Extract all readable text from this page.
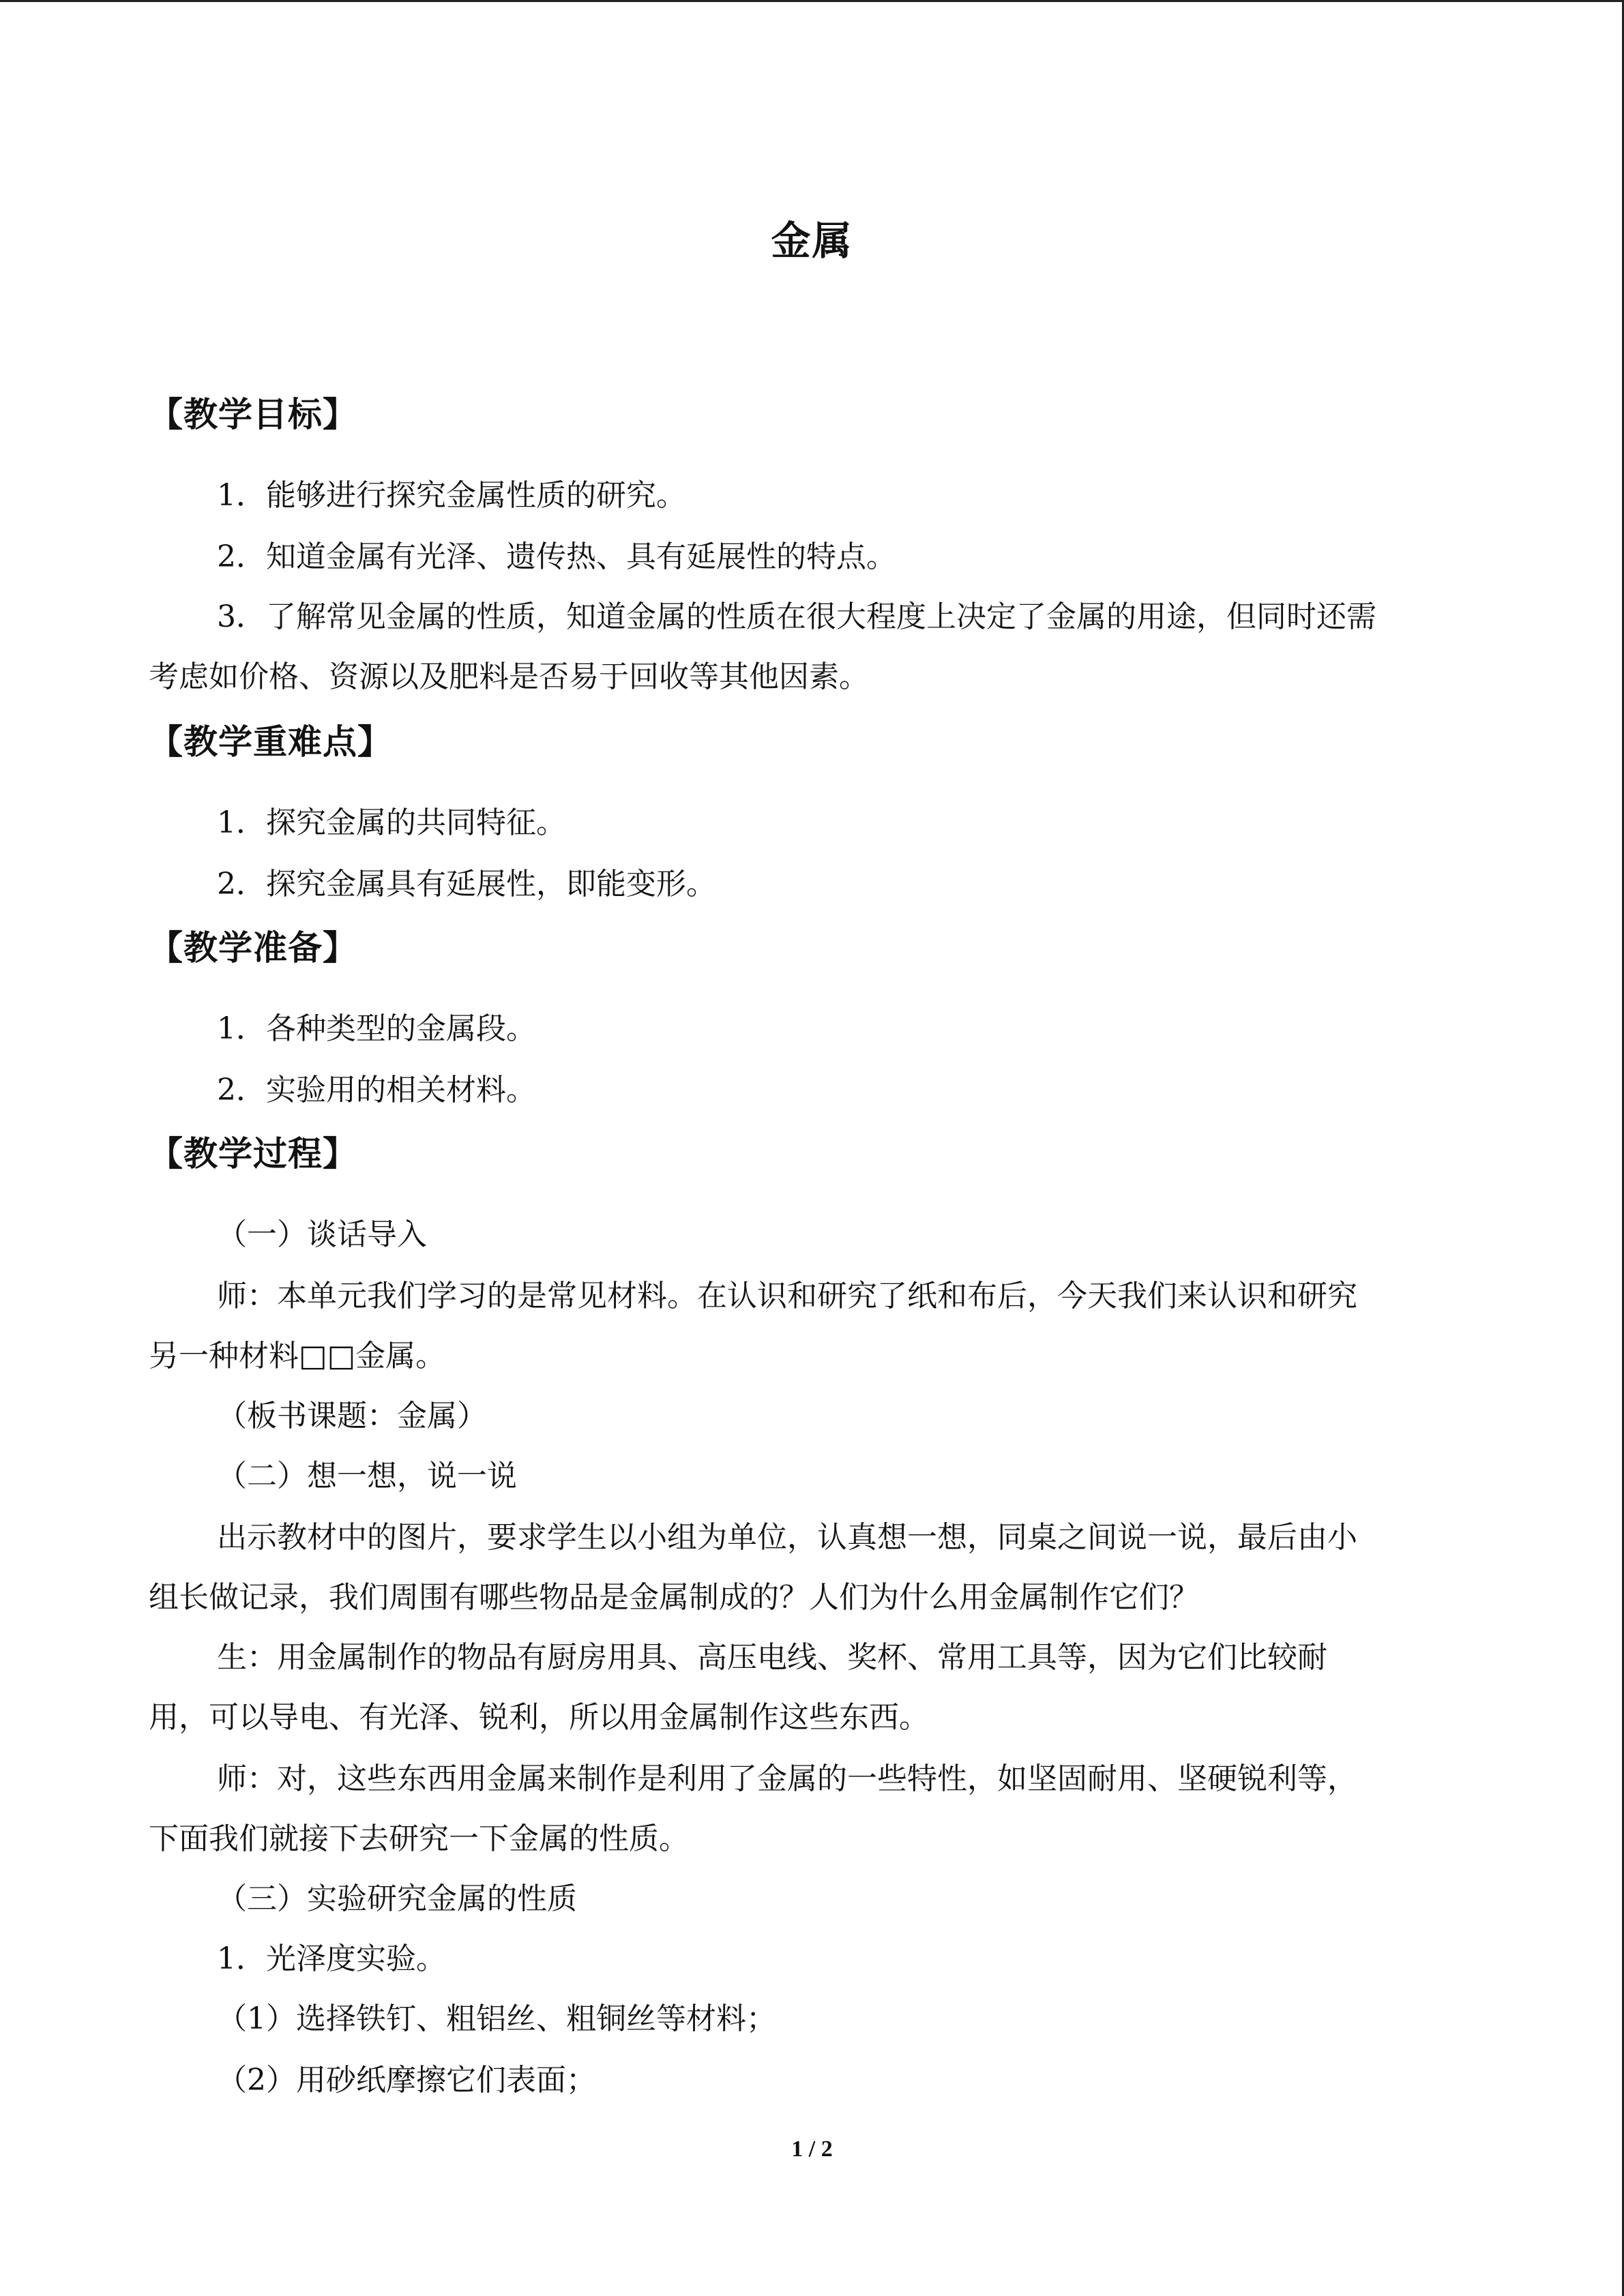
金属
【教学目标】
1．能够进行探究金属性质的研究。
2．知道金属有光泽、遗传热、具有延展性的特点。
3．了解常见金属的性质，知道金属的性质在很大程度上决定了金属的用途，但同时还需
考虑如价格、资源以及肥料是否易于回收等其他因素。
【教学重难点】
1．探究金属的共同特征。
2．探究金属具有延展性，即能变形。
【教学准备】
1．各种类型的金属段。
2．实验用的相关材料。
【教学过程】
（一）谈话导入
师：本单元我们学习的是常见材料。在认识和研究了纸和布后，今天我们来认识和研究
另一种材料□□金属。
（板书课题：金属）
（二）想一想，说一说
出示教材中的图片，要求学生以小组为单位，认真想一想，同桌之间说一说，最后由小
组长做记录，我们周围有哪些物品是金属制成的？人们为什么用金属制作它们？
生：用金属制作的物品有厨房用具、高压电线、奖杯、常用工具等，因为它们比较耐
用，可以导电、有光泽、锐利，所以用金属制作这些东西。
师：对，这些东西用金属来制作是利用了金属的一些特性，如坚固耐用、坚硬锐利等，
下面我们就接下去研究一下金属的性质。
（三）实验研究金属的性质
1．光泽度实验。
（1）选择铁钉、粗铝丝、粗铜丝等材料；
（2）用砂纸摩擦它们表面；
1 / 2
